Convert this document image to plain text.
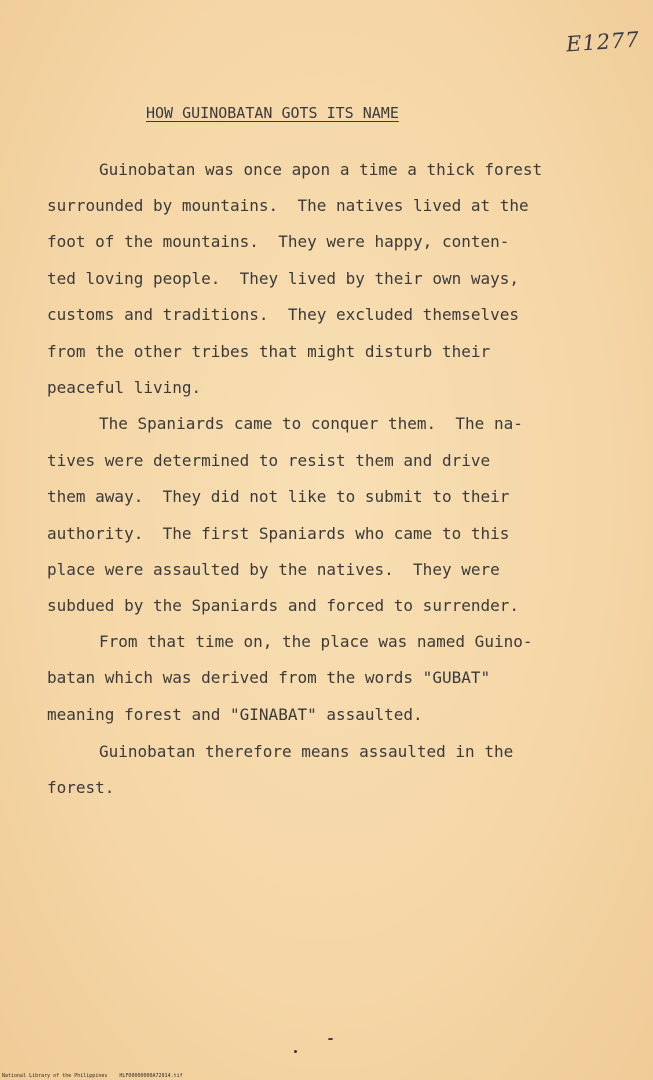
E1277
HOW GUINOBATAN GOTS ITS NAME
Guinobatan was once apon a time a thick forest
surrounded by mountains.  The natives lived at the
foot of the mountains.  They were happy, conten-
ted loving people.  They lived by their own ways,
customs and traditions.  They excluded themselves
from the other tribes that might disturb their
peaceful living.
The Spaniards came to conquer them.  The na-
tives were determined to resist them and drive
them away.  They did not like to submit to their
authority.  The first Spaniards who came to this
place were assaulted by the natives.  They were
subdued by the Spaniards and forced to surrender.
From that time on, the place was named Guino-
batan which was derived from the words "GUBAT"
meaning forest and "GINABAT" assaulted.
Guinobatan therefore means assaulted in the
forest.
National Library of the Philippines    HLF00000000A72014.tif
